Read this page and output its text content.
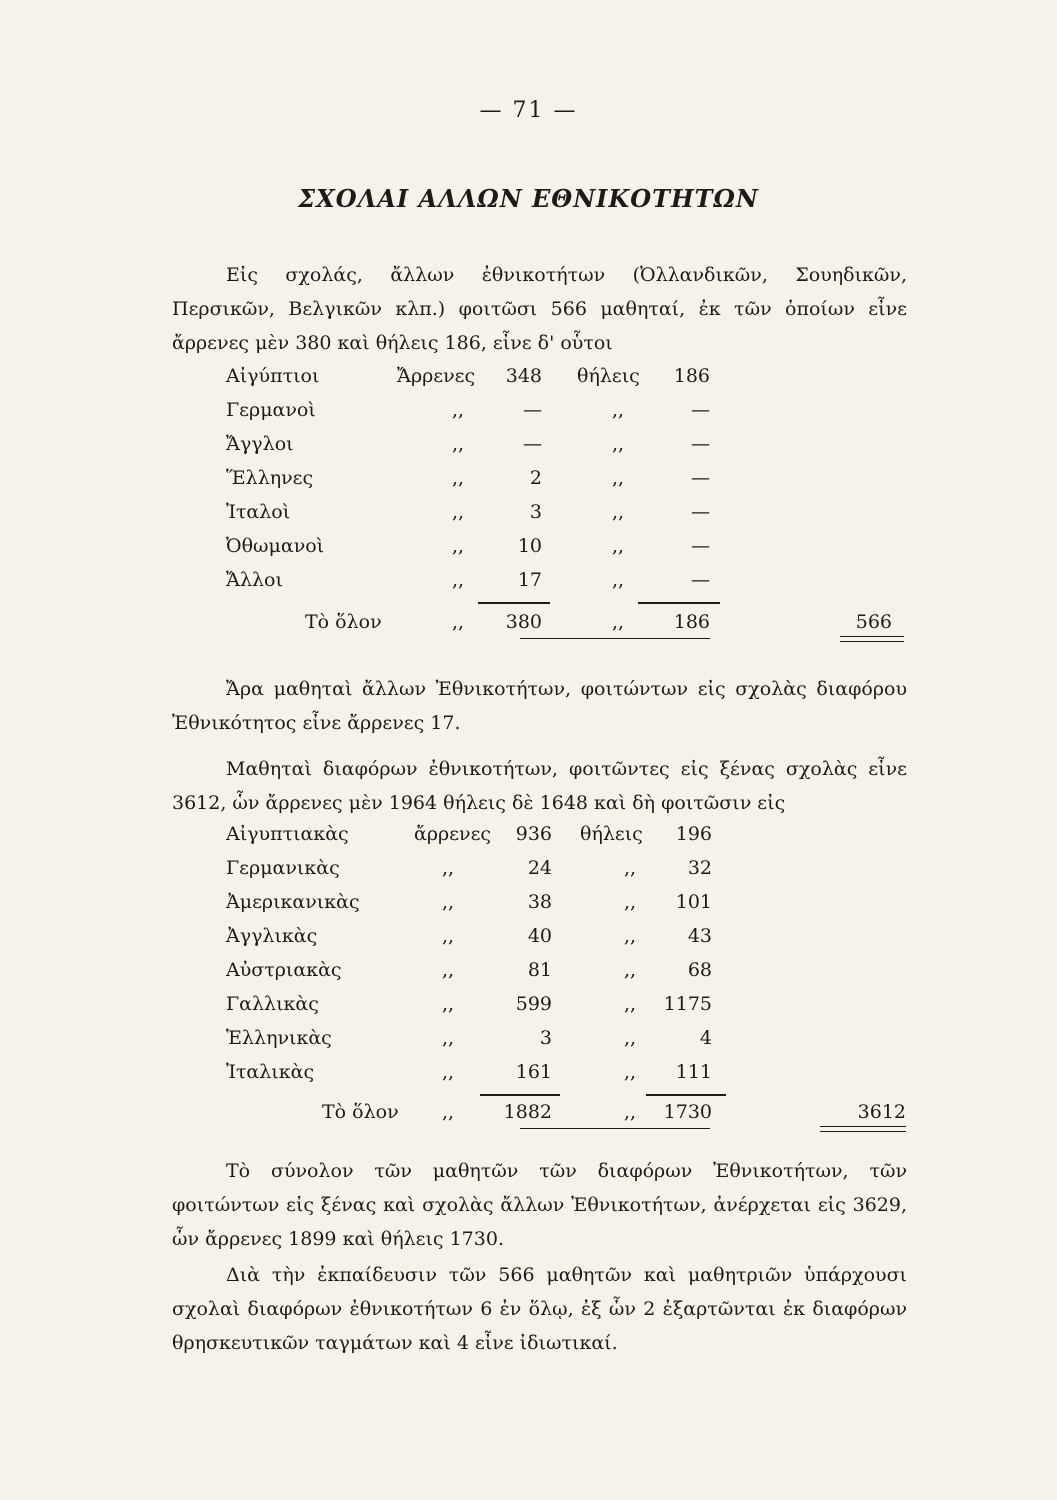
— 71 —
ΣΧΟΛΑΙ ΑΛΛΩΝ ΕΘΝΙΚΟΤΗΤΩΝ
Εἰς σχολάς, ἄλλων ἐθνικοτήτων (Ὀλλανδικῶν, Σουηδικῶν, Περσικῶν, Βελγικῶν κλπ.) φοιτῶσι 566 μαθηταί, ἐκ τῶν ὁποίων εἶνε ἄρρενες μὲν 380 καὶ θήλεις 186, εἶνε δ' οὗτοι
Αἰγύπτιοι	Ἄρρενες	348 θήλεις	186
Γερμανοὶ	,,	—	,,	—
Ἄγγλοι	,,	—	,,	—
Ἕλληνες	,,	2	,,	—
Ἰταλοὶ	,,	3	,,	—
Ὀθωμανοὶ	,,	10	,,	—
Ἄλλοι	,,	17	,,	—
Τὸ ὅλον	,,	380	,,	186	566
Ἄρα μαθηταὶ ἄλλων Ἐθνικοτήτων, φοιτώντων εἰς σχολὰς διαφόρου Ἐθνικότητος εἶνε ἄρρενες 17.
Μαθηταὶ διαφόρων ἐθνικοτήτων, φοιτῶντες εἰς ξένας σχολὰς εἶνε 3612, ὧν ἄρρενες μὲν 1964 θήλεις δὲ 1648 καὶ δὴ φοιτῶσιν εἰς
Αἰγυπτιακὰς	ἄρρενες	936 θήλεις	196
Γερμανικὰς	,,	24	,,	32
Ἀμερικανικὰς	,,	38	,,	101
Ἀγγλικὰς	,,	40	,,	43
Αὐστριακὰς	,,	81	,,	68
Γαλλικὰς	,,	599	,,	1175
Ἑλληνικὰς	,,	3	,,	4
Ἰταλικὰς	,,	161	,,	111
Τὸ ὅλον ,,	1882	,,	1730	3612
Τὸ σύνολον τῶν μαθητῶν τῶν διαφόρων Ἐθνικοτήτων, τῶν φοιτώντων εἰς ξένας καὶ σχολὰς ἄλλων Ἐθνικοτήτων, ἀνέρχεται εἰς 3629, ὧν ἄρρενες 1899 καὶ θήλεις 1730.
Διὰ τὴν ἐκπαίδευσιν τῶν 566 μαθητῶν καὶ μαθητριῶν ὑπάρχουσι σχολαὶ διαφόρων ἐθνικοτήτων 6 ἐν ὅλῳ, ἐξ ὧν 2 ἐξαρτῶνται ἐκ διαφόρων θρησκευτικῶν ταγμάτων καὶ 4 εἶνε ἰδιωτικαί.
